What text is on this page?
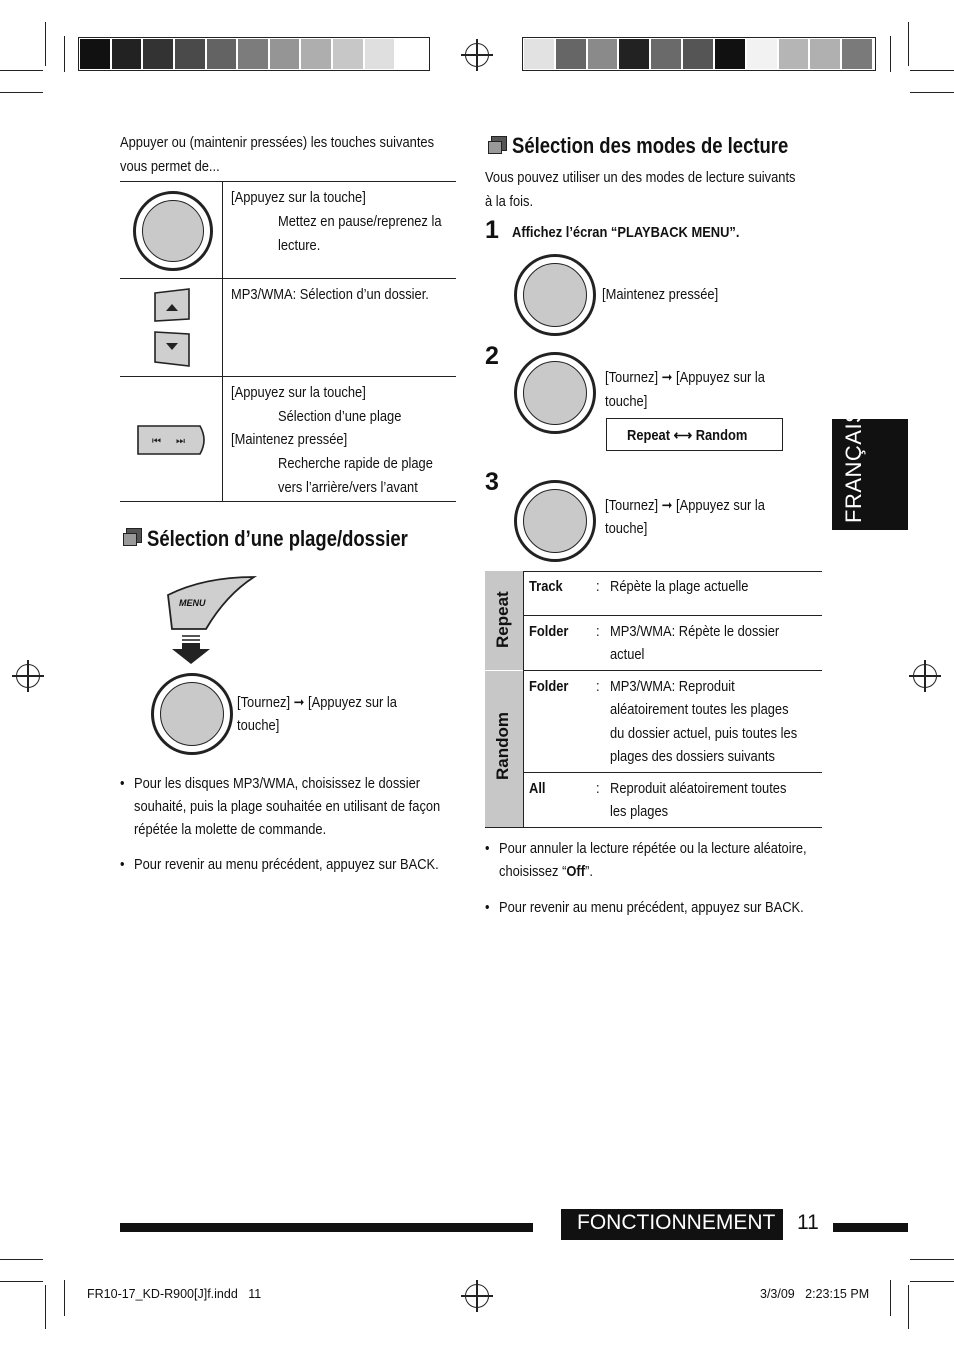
Appuyer ou (maintenir pressées) les touches suivantes
vous permet de...
[Appuyez sur la touche]
Mettez en pause/reprenez la
lecture.
MP3/WMA: Sélection d’un dossier.
⏮ ⏭
[Appuyez sur la touche]
Sélection d’une plage
[Maintenez pressée]
Recherche rapide de plage
vers l’arrière/vers l’avant
Sélection d’une plage/dossier
MENU
[Tournez] ➞ [Appuyez sur la
touche]
• Pour les disques MP3/WMA, choisissez le dossier
souhaité, puis la plage souhaitée en utilisant de façon
répétée la molette de commande.
• Pour revenir au menu précédent, appuyez sur BACK.
Sélection des modes de lecture
Vous pouvez utiliser un des modes de lecture suivants
à la fois.
1 Affichez l’écran “PLAYBACK MENU”.
[Maintenez pressée]
2
[Tournez] ➞ [Appuyez sur la
touche]
Repeat ⟷ Random
3
[Tournez] ➞ [Appuyez sur la
touche]
Repeat
Random
Track : Répète la plage actuelle
Folder : MP3/WMA: Répète le dossier
actuel
Folder : MP3/WMA: Reproduit
aléatoirement toutes les plages
du dossier actuel, puis toutes les
plages des dossiers suivants
All	: Reproduit aléatoirement toutes
les plages
• Pour annuler la lecture répétée ou la lecture aléatoire,
choisissez “Off”.
• Pour revenir au menu précédent, appuyez sur BACK.
FRANÇAIS
FONCTIONNEMENT 11
FR10-17_KD-R900[J]f.indd   11	3/3/09   2:23:15 PM
